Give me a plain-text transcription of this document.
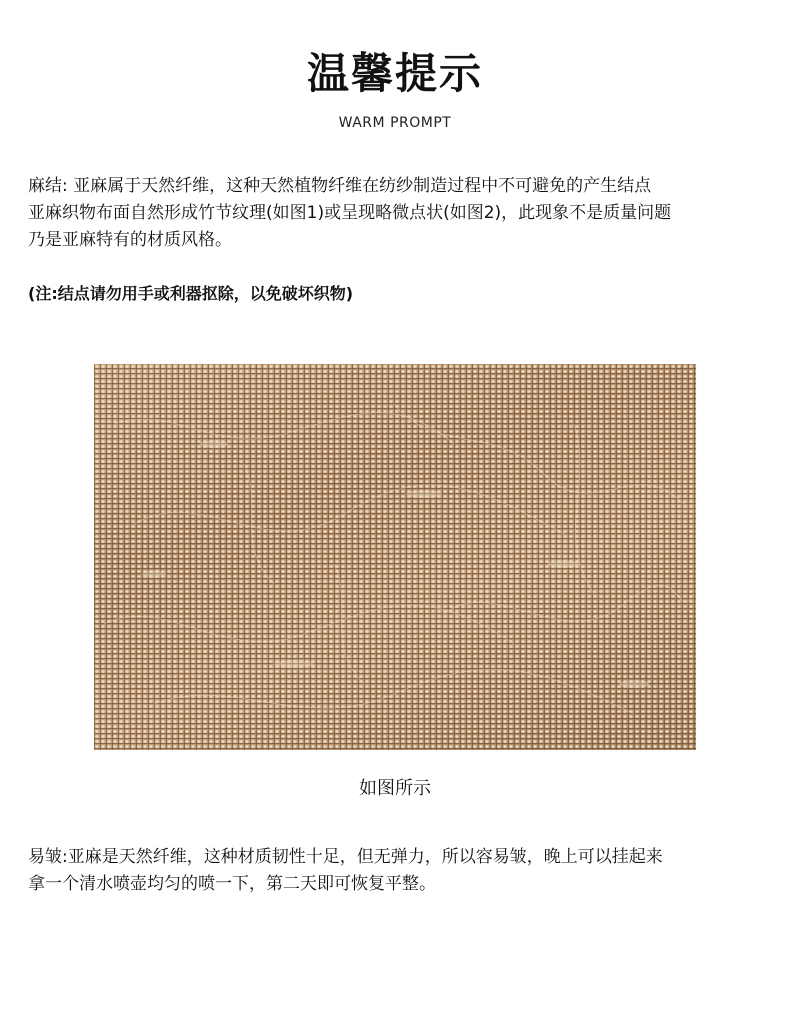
温馨提示
WARM PROMPT

麻结: 亚麻属于天然纤维，这种天然植物纤维在纺纱制造过程中不可避免的产生结点
亚麻织物布面自然形成竹节纹理(如图1)或呈现略微点状(如图2)，此现象不是质量问题
乃是亚麻特有的材质风格。

(注:结点请勿用手或利器抠除，以免破坏织物)
如图所示

易皱:亚麻是天然纤维，这种材质韧性十足，但无弹力，所以容易皱，晚上可以挂起来
拿一个清水喷壶均匀的喷一下，第二天即可恢复平整。
